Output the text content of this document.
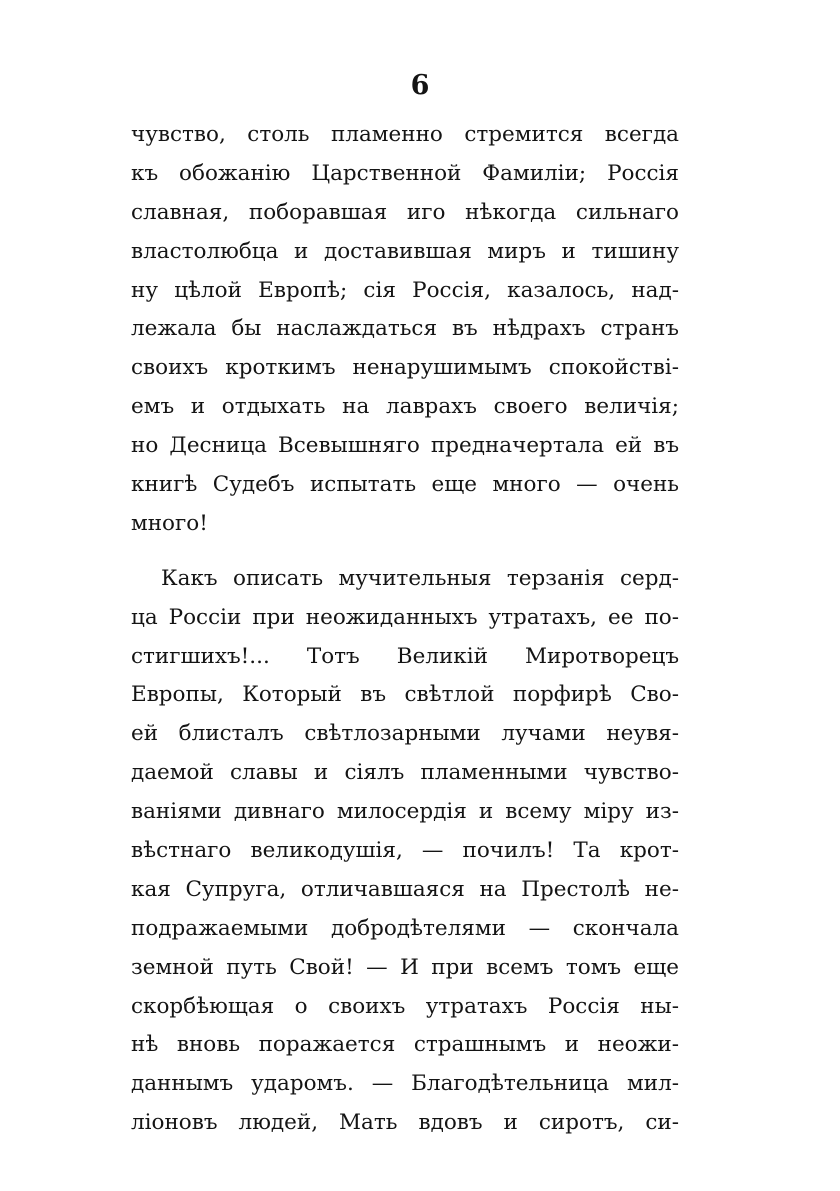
6
чувство, столь пламенно стремится всегда
къ обожанію Царственной Фамиліи; Россія
славная, поборавшая иго нѣкогда сильнаго
властолюбца и доставившая миръ и тишину
ну цѣлой Европѣ; сія Россія, казалось, над-
лежала бы наслаждаться въ нѣдрахъ странъ
своихъ кроткимъ ненарушимымъ спокойствi-
емъ и отдыхать на лаврахъ своего величія;
но Десница Всевышняго предначертала ей въ
книгѣ Судебъ испытать еще много — очень
много!
Какъ описать мучительныя терзанія серд-
ца Россіи при неожиданныхъ утратахъ, ее по-
стигшихъ!... Тотъ Великій Миротворецъ
Европы, Который въ свѣтлой порфирѣ Сво-
ей блисталъ свѣтлозарными лучами неувя-
даемой славы и сіялъ пламенными чувство-
ваніями дивнаго милосердія и всему міру из-
вѣстнаго великодушія, — почилъ! Та крот-
кая Супруга, отличавшаяся на Престолѣ не-
подражаемыми добродѣтелями — скончала
земной путь Свой! — И при всемъ томъ еще
скорбѣющая о своихъ утратахъ Россія ны-
нѣ вновь поражается страшнымъ и неожи-
даннымъ ударомъ. — Благодѣтельница мил-
ліоновъ людей, Мать вдовъ и сиротъ, си-
